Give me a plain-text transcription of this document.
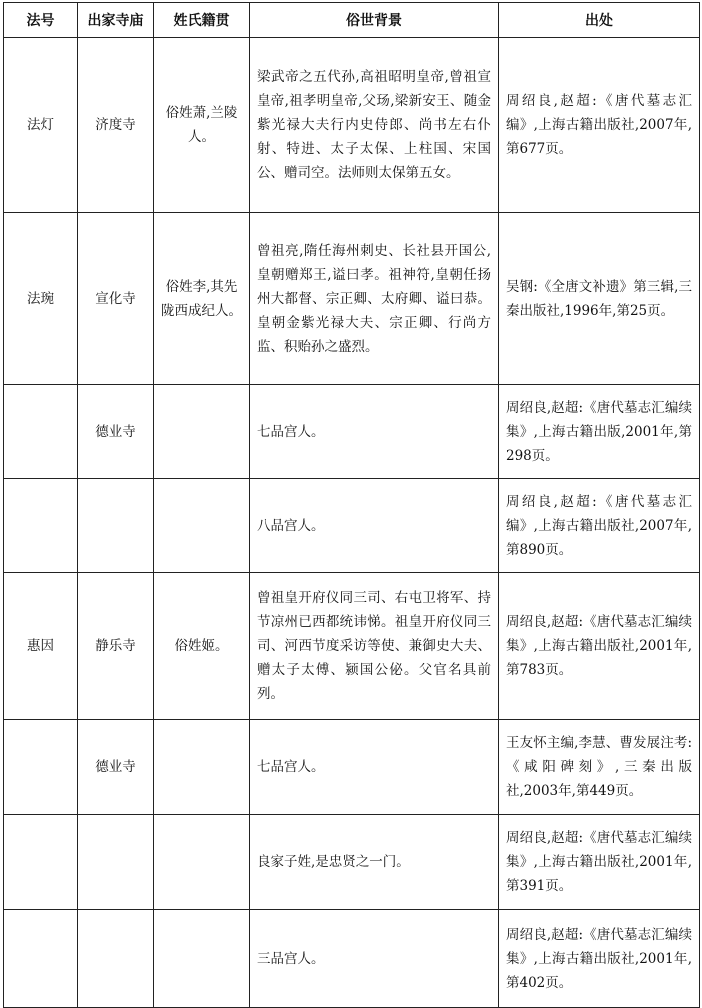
法号	出家寺庙	姓氏籍贯	俗世背景	出处
法灯	济度寺	俗姓萧,兰陵人。	梁武帝之五代孙,高祖昭明皇帝,曾祖宣皇帝,祖孝明皇帝,父玚,梁新安王、随金紫光禄大夫行内史侍郎、尚书左右仆射、特进、太子太保、上柱国、宋国公、赠司空。法师则太保第五女。	周绍良,赵超:《唐代墓志汇编》,上海古籍出版社,2007年,第677页。
法琬	宣化寺	俗姓李,其先陇西成纪人。	曾祖亮,隋任海州刺史、长社县开国公,皇朝赠郑王,谥曰孝。祖神符,皇朝任扬州大都督、宗正卿、太府卿、谥曰恭。皇朝金紫光禄大夫、宗正卿、行尚方监、积贻孙之盛烈。	吴钢:《全唐文补遗》第三辑,三秦出版社,1996年,第25页。
	德业寺		七品宫人。	周绍良,赵超:《唐代墓志汇编续集》,上海古籍出版,2001年,第298页。
			八品宫人。	周绍良,赵超:《唐代墓志汇编》,上海古籍出版社,2007年,第890页。
惠因	静乐寺	俗姓姬。	曾祖皇开府仪同三司、右屯卫将军、持节凉州已西都统讳悌。祖皇开府仪同三司、河西节度采访等使、兼御史大夫、赠太子太傅、颍国公佖。父官名具前列。	周绍良,赵超:《唐代墓志汇编续集》,上海古籍出版社,2001年,第783页。
	德业寺		七品宫人。	王友怀主编,李慧、曹发展注考:《咸阳碑刻》,三秦出版社,2003年,第449页。
			良家子姓,是忠贤之一门。	周绍良,赵超:《唐代墓志汇编续集》,上海古籍出版社,2001年,第391页。
			三品宫人。	周绍良,赵超:《唐代墓志汇编续集》,上海古籍出版社,2001年,第402页。
